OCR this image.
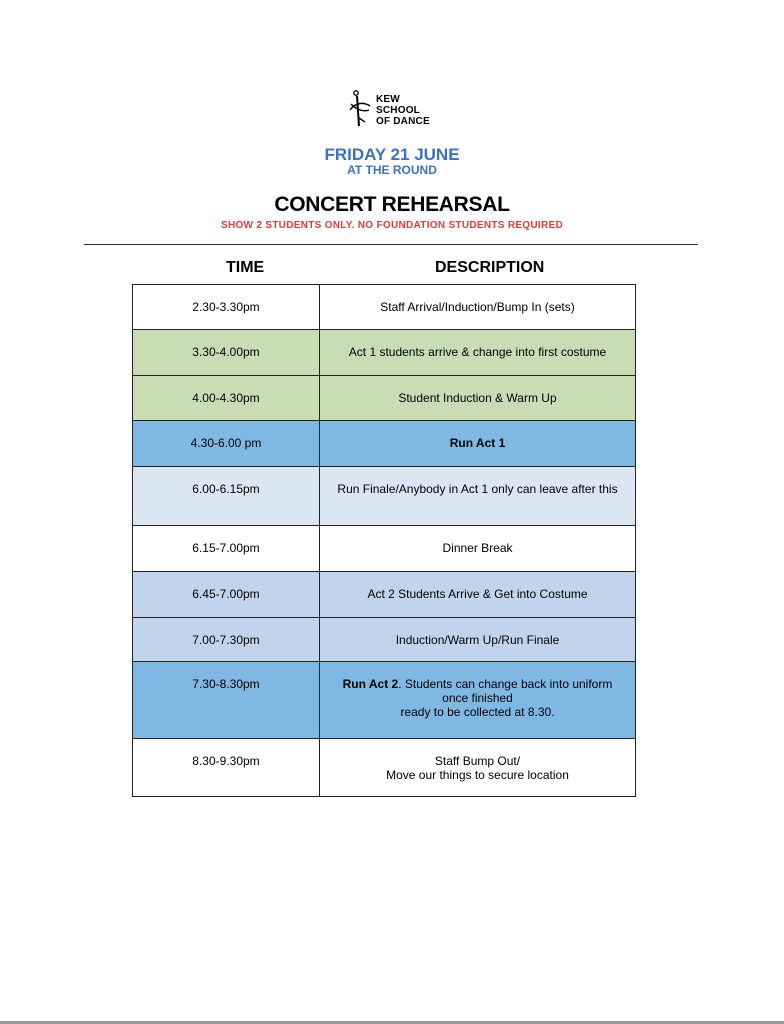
KEW
SCHOOL
OF DANCE
FRIDAY 21 JUNE
AT THE ROUND
CONCERT REHEARSAL
SHOW 2 STUDENTS ONLY. NO FOUNDATION STUDENTS REQUIRED
TIME	DESCRIPTION
2.30-3.30pm	Staff Arrival/Induction/Bump In (sets)
3.30-4.00pm	Act 1 students arrive & change into first costume
4.00-4.30pm	Student Induction & Warm Up
4.30-6.00 pm	Run Act 1
6.00-6.15pm	Run Finale/Anybody in Act 1 only can leave after this
6.15-7.00pm	Dinner Break
6.45-7.00pm	Act 2 Students Arrive & Get into Costume
7.00-7.30pm	Induction/Warm Up/Run Finale
7.30-8.30pm	Run Act 2. Students can change back into uniform once finished
ready to be collected at 8.30.
8.30-9.30pm	Staff Bump Out/
Move our things to secure location
